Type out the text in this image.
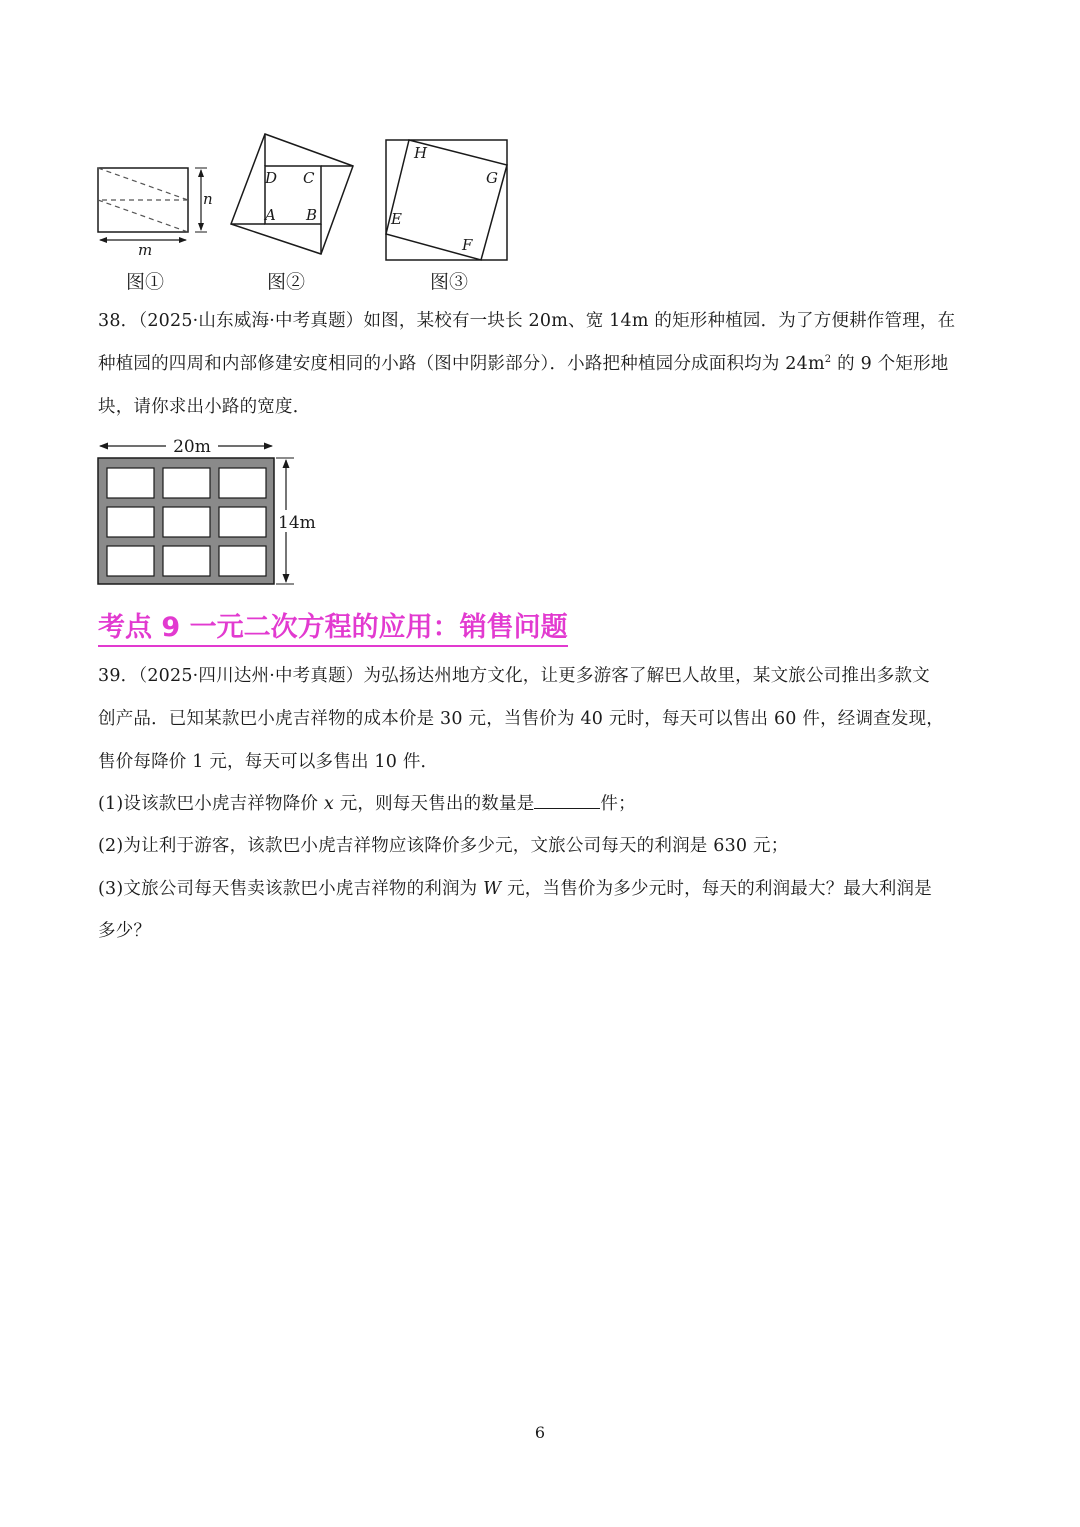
n
m
图①
D C
A B
图②
H
G
E
F
图③
38．（2025·山东威海·中考真题）如图，某校有一块长 20m、宽 14m 的矩形种植园．为了方便耕作管理，在
种植园的四周和内部修建安度相同的小路（图中阴影部分）．小路把种植园分成面积均为 $24m^2$ 的 9 个矩形地
块，请你求出小路的宽度．
20m
14m
考点 9 一元二次方程的应用：销售问题
39．（2025·四川达州·中考真题）为弘扬达州地方文化，让更多游客了解巴人故里，某文旅公司推出多款文
创产品．已知某款巴小虎吉祥物的成本价是 30 元，当售价为 40 元时，每天可以售出 60 件，经调查发现，
售价每降价 1 元，每天可以多售出 10 件．
(1)设该款巴小虎吉祥物降价 x 元，则每天售出的数量是	件；
(2)为让利于游客，该款巴小虎吉祥物应该降价多少元，文旅公司每天的利润是 630 元；
(3)文旅公司每天售卖该款巴小虎吉祥物的利润为 W 元，当售价为多少元时，每天的利润最大？最大利润是
多少？
6
